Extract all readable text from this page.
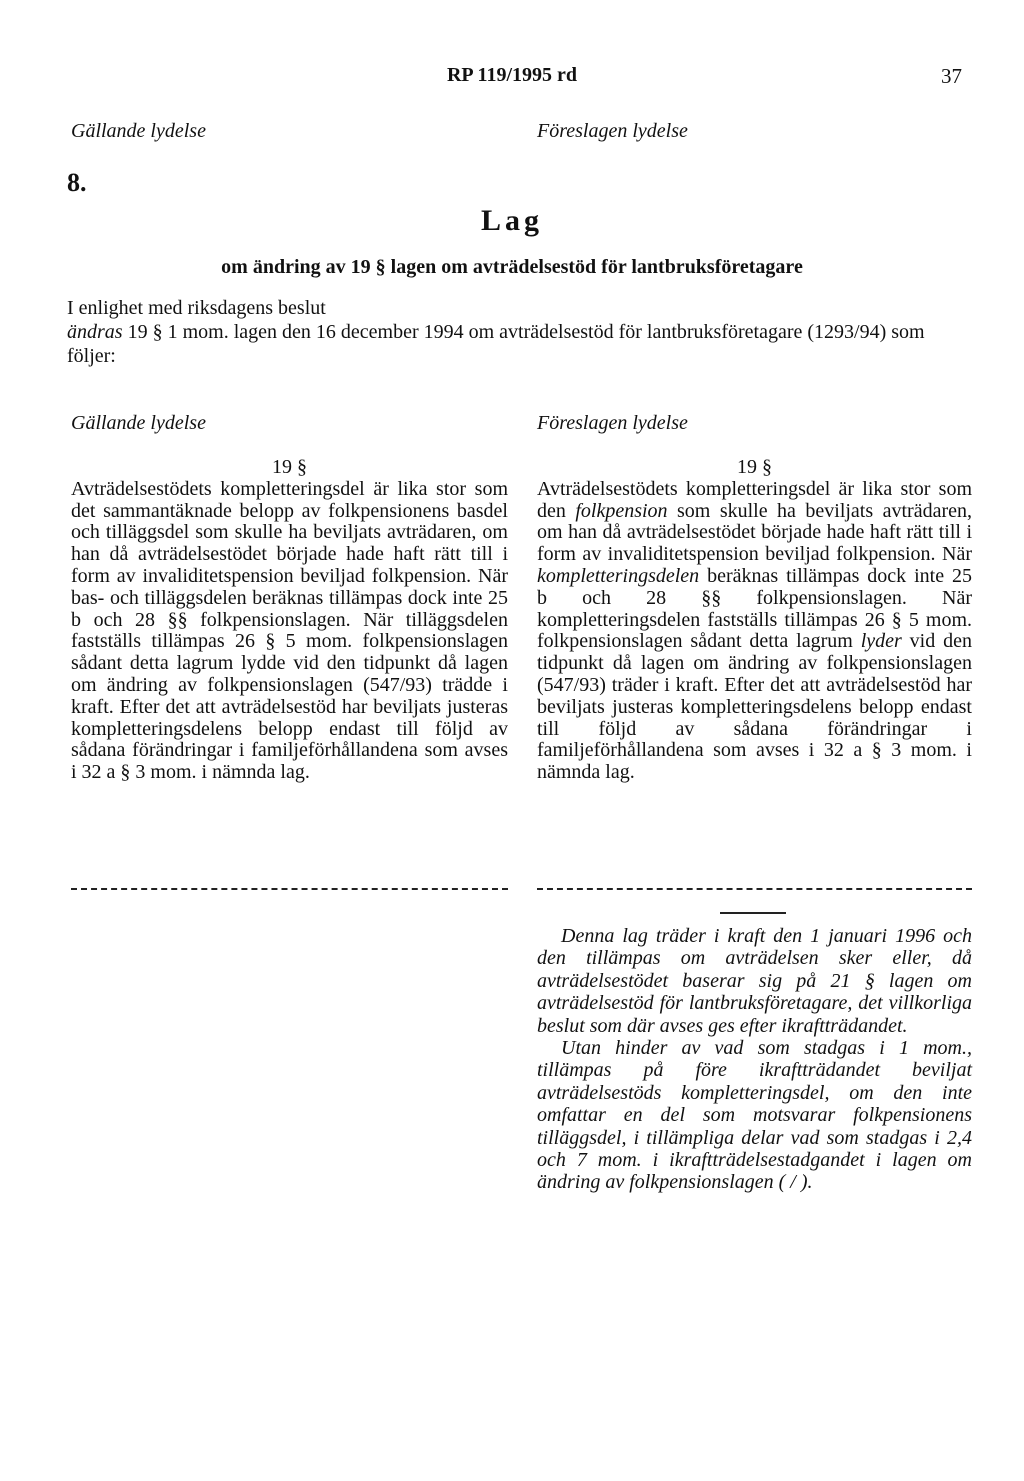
RP 119/1995 rd	37
Gällande lydelse	Föreslagen lydelse
8.
Lag
om ändring av 19 § lagen om avträdelsestöd för lantbruksföretagare
I enlighet med riksdagens beslut
ändras 19 § 1 mom. lagen den 16 december 1994 om avträdelsestöd för lantbruksföretagare (1293/94) som följer:
Gällande lydelse	Föreslagen lydelse
19 §
Avträdelsestödets kompletteringsdel är lika stor som det sammantäknade belopp av folkpensionens basdel och tilläggsdel som skulle ha beviljats avträdaren, om han då avträdelsestödet började hade haft rätt till i form av invaliditetspension beviljad folkpension. När bas- och tilläggsdelen beräknas tillämpas dock inte 25 b och 28 §§ folkpensionslagen. När tilläggsdelen fastställs tillämpas 26 § 5 mom. folkpensionslagen sådant detta lagrum lydde vid den tidpunkt då lagen om ändring av folkpensionslagen (547/93) trädde i kraft. Efter det att avträdelsestöd har beviljats justeras kompletteringsdelens belopp endast till följd av sådana förändringar i familjeförhållandena som avses i 32 a § 3 mom. i nämnda lag.
19 §
Avträdelsestödets kompletteringsdel är lika stor som den folkpension som skulle ha beviljats avträdaren, om han då avträdelsestödet började hade haft rätt till i form av invaliditetspension beviljad folkpension. När kompletteringsdelen beräknas tillämpas dock inte 25 b och 28 §§ folkpensionslagen. När kompletteringsdelen fastställs tillämpas 26 § 5 mom. folkpensionslagen sådant detta lagrum lyder vid den tidpunkt då lagen om ändring av folkpensionslagen (547/93) träder i kraft. Efter det att avträdelsestöd har beviljats justeras kompletteringsdelens belopp endast till följd av sådana förändringar i familjeförhållandena som avses i 32 a § 3 mom. i nämnda lag.

Denna lag träder i kraft den 1 januari 1996 och den tillämpas om avträdelsen sker eller, då avträdelsestödet baserar sig på 21 § lagen om avträdelsestöd för lantbruksföretagare, det villkorliga beslut som där avses ges efter ikraftträdandet.

Utan hinder av vad som stadgas i 1 mom., tillämpas på före ikraftträdandet beviljat avträdelsestöds kompletteringsdel, om den inte omfattar en del som motsvarar folkpensionens tilläggsdel, i tillämpliga delar vad som stadgas i 2,4 och 7 mom. i ikraftträdelsestadgandet i lagen om ändring av folkpensionslagen ( / ).
